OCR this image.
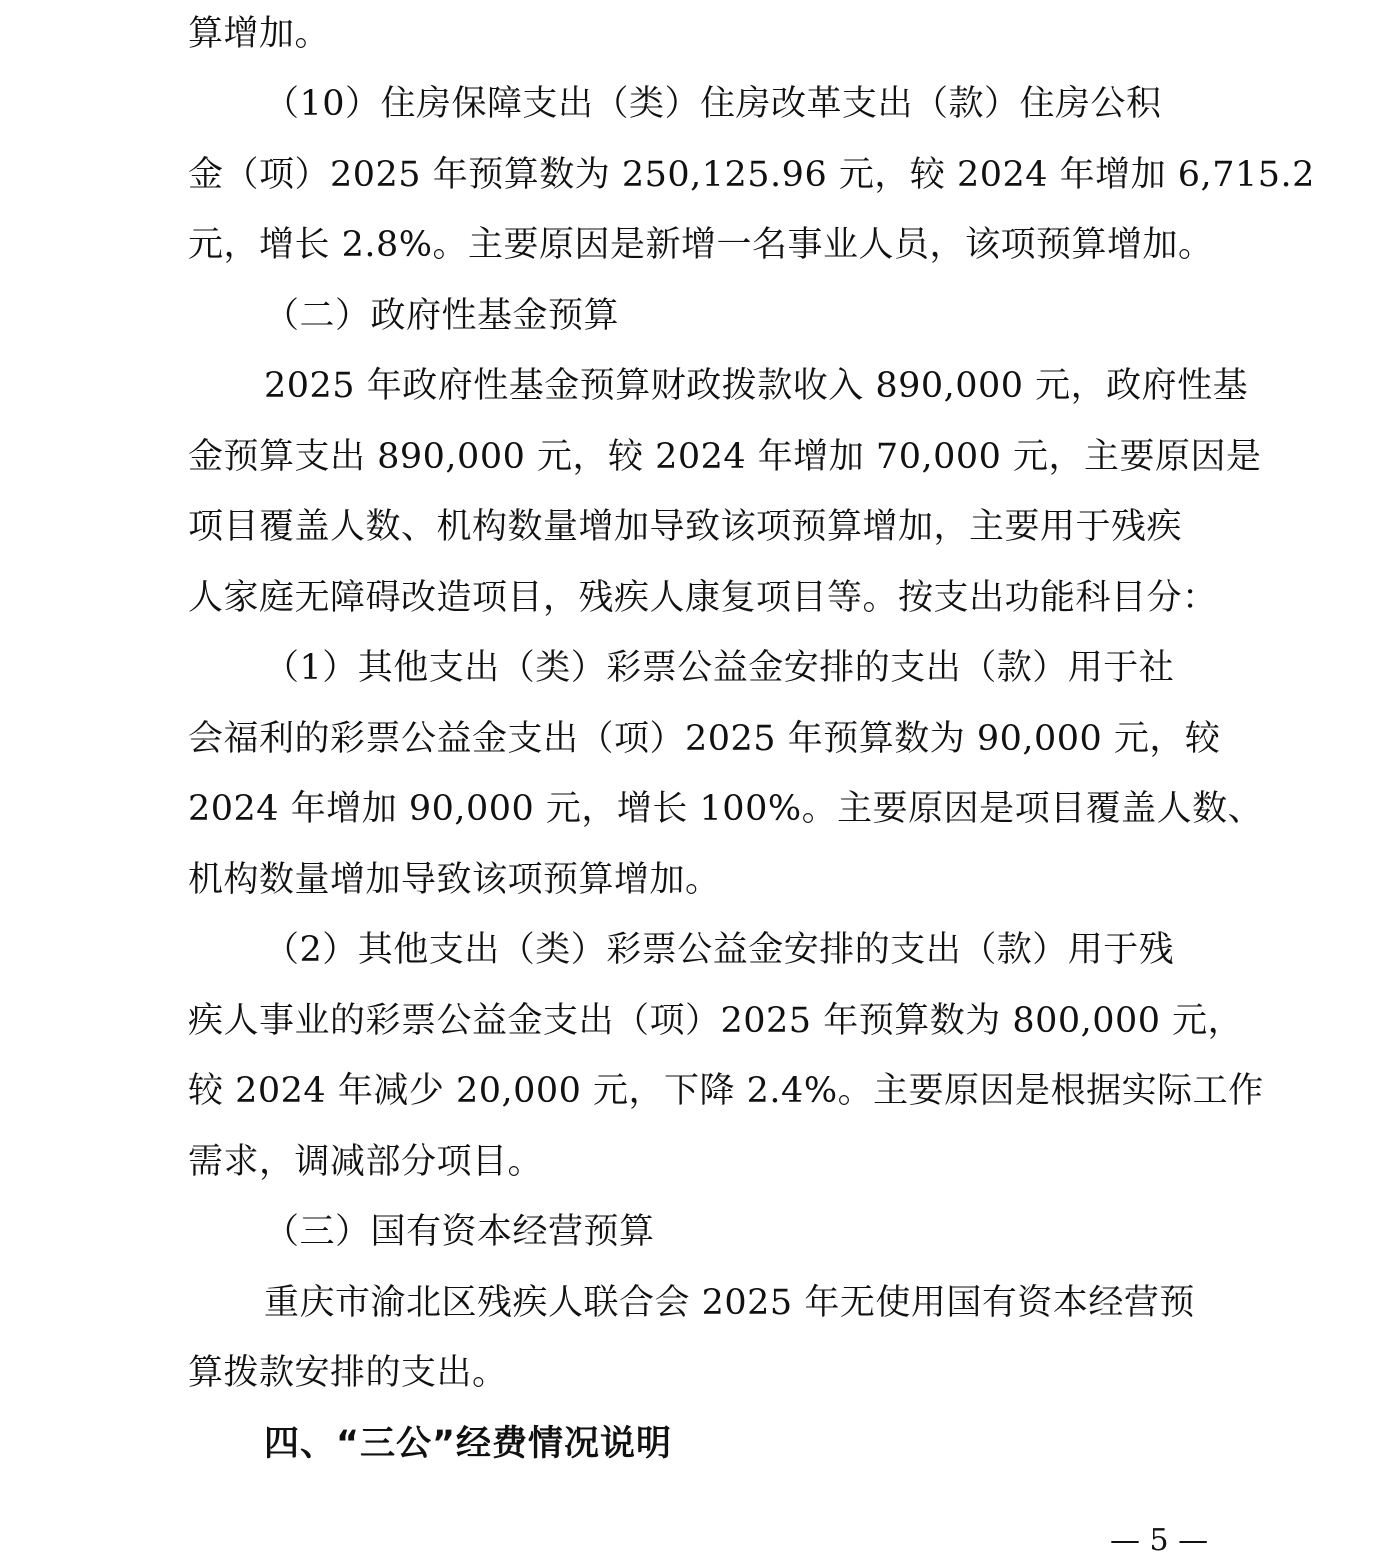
算增加。
（10）住房保障支出（类）住房改革支出（款）住房公积
金（项）2025 年预算数为 250,125.96 元，较 2024 年增加 6,715.2
元，增长 2.8%。主要原因是新增一名事业人员，该项预算增加。
（二）政府性基金预算
2025 年政府性基金预算财政拨款收入 890,000 元，政府性基
金预算支出 890,000 元，较 2024 年增加 70,000 元，主要原因是
项目覆盖人数、机构数量增加导致该项预算增加，主要用于残疾
人家庭无障碍改造项目，残疾人康复项目等。按支出功能科目分：
（1）其他支出（类）彩票公益金安排的支出（款）用于社
会福利的彩票公益金支出（项）2025 年预算数为 90,000 元，较
2024 年增加 90,000 元，增长 100%。主要原因是项目覆盖人数、
机构数量增加导致该项预算增加。
（2）其他支出（类）彩票公益金安排的支出（款）用于残
疾人事业的彩票公益金支出（项）2025 年预算数为 800,000 元，
较 2024 年减少 20,000 元，下降 2.4%。主要原因是根据实际工作
需求，调减部分项目。
（三）国有资本经营预算
重庆市渝北区残疾人联合会 2025 年无使用国有资本经营预
算拨款安排的支出。
四、“三公”经费情况说明
— 5 —
